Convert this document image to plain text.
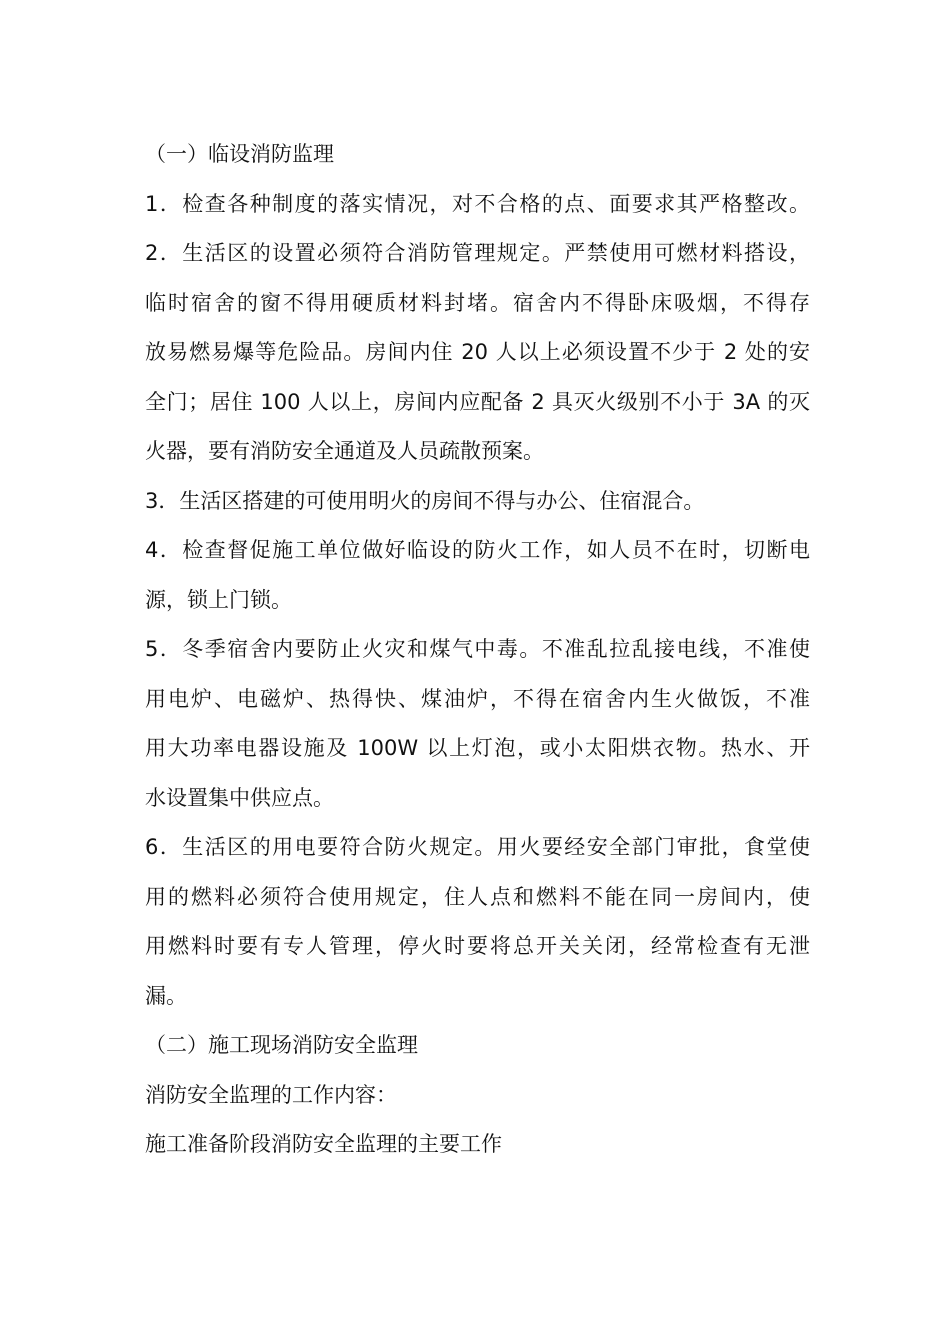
（一）临设消防监理
1．检查各种制度的落实情况，对不合格的点、面要求其严格整改。
2．生活区的设置必须符合消防管理规定。严禁使用可燃材料搭设，
临时宿舍的窗不得用硬质材料封堵。宿舍内不得卧床吸烟，不得存
放易燃易爆等危险品。房间内住 20 人以上必须设置不少于 2 处的安
全门；居住 100 人以上，房间内应配备 2 具灭火级别不小于 3A 的灭
火器，要有消防安全通道及人员疏散预案。
3．生活区搭建的可使用明火的房间不得与办公、住宿混合。
4．检查督促施工单位做好临设的防火工作，如人员不在时，切断电
源，锁上门锁。
5．冬季宿舍内要防止火灾和煤气中毒。不准乱拉乱接电线，不准使
用电炉、电磁炉、热得快、煤油炉，不得在宿舍内生火做饭，不准
用大功率电器设施及 100W 以上灯泡，或小太阳烘衣物。热水、开
水设置集中供应点。
6．生活区的用电要符合防火规定。用火要经安全部门审批，食堂使
用的燃料必须符合使用规定，住人点和燃料不能在同一房间内，使
用燃料时要有专人管理，停火时要将总开关关闭，经常检查有无泄
漏。
（二）施工现场消防安全监理
消防安全监理的工作内容：
施工准备阶段消防安全监理的主要工作
